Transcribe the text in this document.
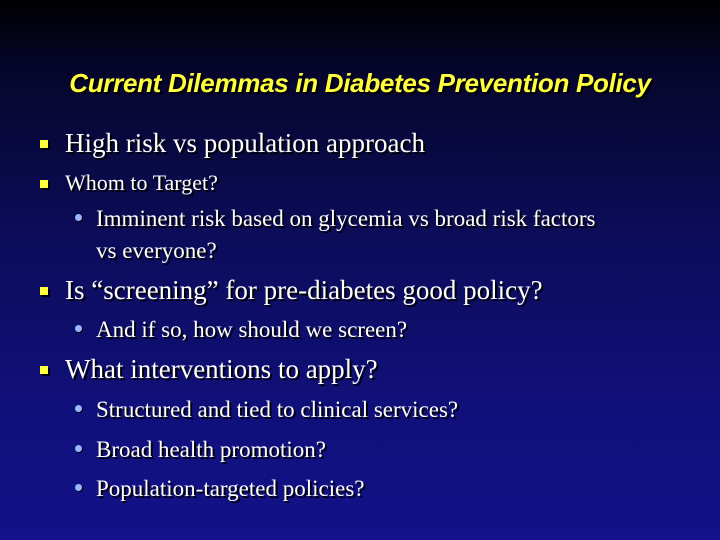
Current Dilemmas in Diabetes Prevention Policy
High risk vs population approach
Whom to Target?
Imminent risk based on glycemia vs broad risk factors
vs everyone?
Is “screening” for pre-diabetes good policy?
And if so, how should we screen?
What interventions to apply?
Structured and tied to clinical services?
Broad health promotion?
Population-targeted policies?
